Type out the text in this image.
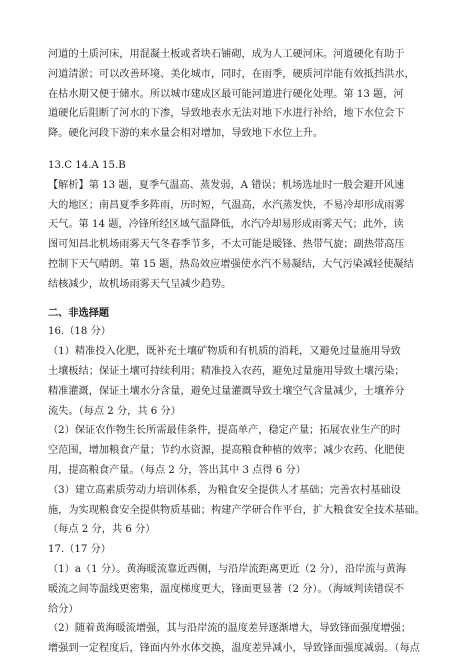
河道的土质河床，用混凝土板或者块石铺砌，成为人工硬河床。河道硬化有助于
河道清淤；可以改善环境、美化城市，同时，在雨季，硬质河岸能有效抵挡洪水，
在枯水期又便于储水。所以城市建成区最可能河道进行硬化处理。第 13 题，河
道硬化后阻断了河水的下渗，导致地表水无法对地下水进行补给，地下水位会下
降。硬化河段下游的来水量会相对增加，导致地下水位上升。
13.C 14.A 15.B
【解析】第 13 题，夏季气温高、蒸发弱，A 错误；机场选址时一般会避开风速
大的地区；南昌夏季多阵雨，历时短，气温高，水汽蒸发快，不易冷却形成雨雾
天气。第 14 题，冷锋所经区域气温降低，水汽冷却易形成雨雾天气；此外，读
图可知昌北机场雨雾天气冬春季节多，不太可能是暖锋、热带气旋；副热带高压
控制下天气晴朗。第 15 题，热岛效应增强使水汽不易凝结，大气污染减轻使凝结
结核减少，故机场雨雾天气呈减少趋势。
二、非选择题
16.（18 分）
（1）精准投入化肥，既补充土壤矿物质和有机质的消耗，又避免过量施用导致
土壤板结；保证土壤可持续利用；精准投入农药，避免过量施用导致土壤污染；
精准灌溉，保证土壤水分含量，避免过量灌溉导致土壤空气含量减少，土壤养分
流失。（每点 2 分，共 6 分）
（2）保证农作物生长所需最佳条件，提高单产，稳定产量；拓展农业生产的时
空范围，增加粮食产量；节约水资源，提高粮食种植的效率；减少农药、化肥使
用，提高粮食产量。（每点 2 分，答出其中 3 点得 6 分）
（3）建立高素质劳动力培训体系，为粮食安全提供人才基础；完善农村基础设
施，为实现粮食安全提供物质基础；构建产学研合作平台，扩大粮食安全技术基础。
（每点 2 分，共 6 分）
17.（17 分）
（1）a（1 分）。黄海暖流靠近西侧，与沿岸流距离更近（2 分），沿岸流与黄海
暖流之间等温线更密集，温度梯度更大，锋面更显著（2 分）。（海域判读错误不
给分）
（2）随着黄海暖流增强，其与沿岸流的温度差异逐渐增大，导致锋面强度增强；
增强到一定程度后，锋面内外水体交换，温度差异减小，导致锋面强度减弱。（每点
